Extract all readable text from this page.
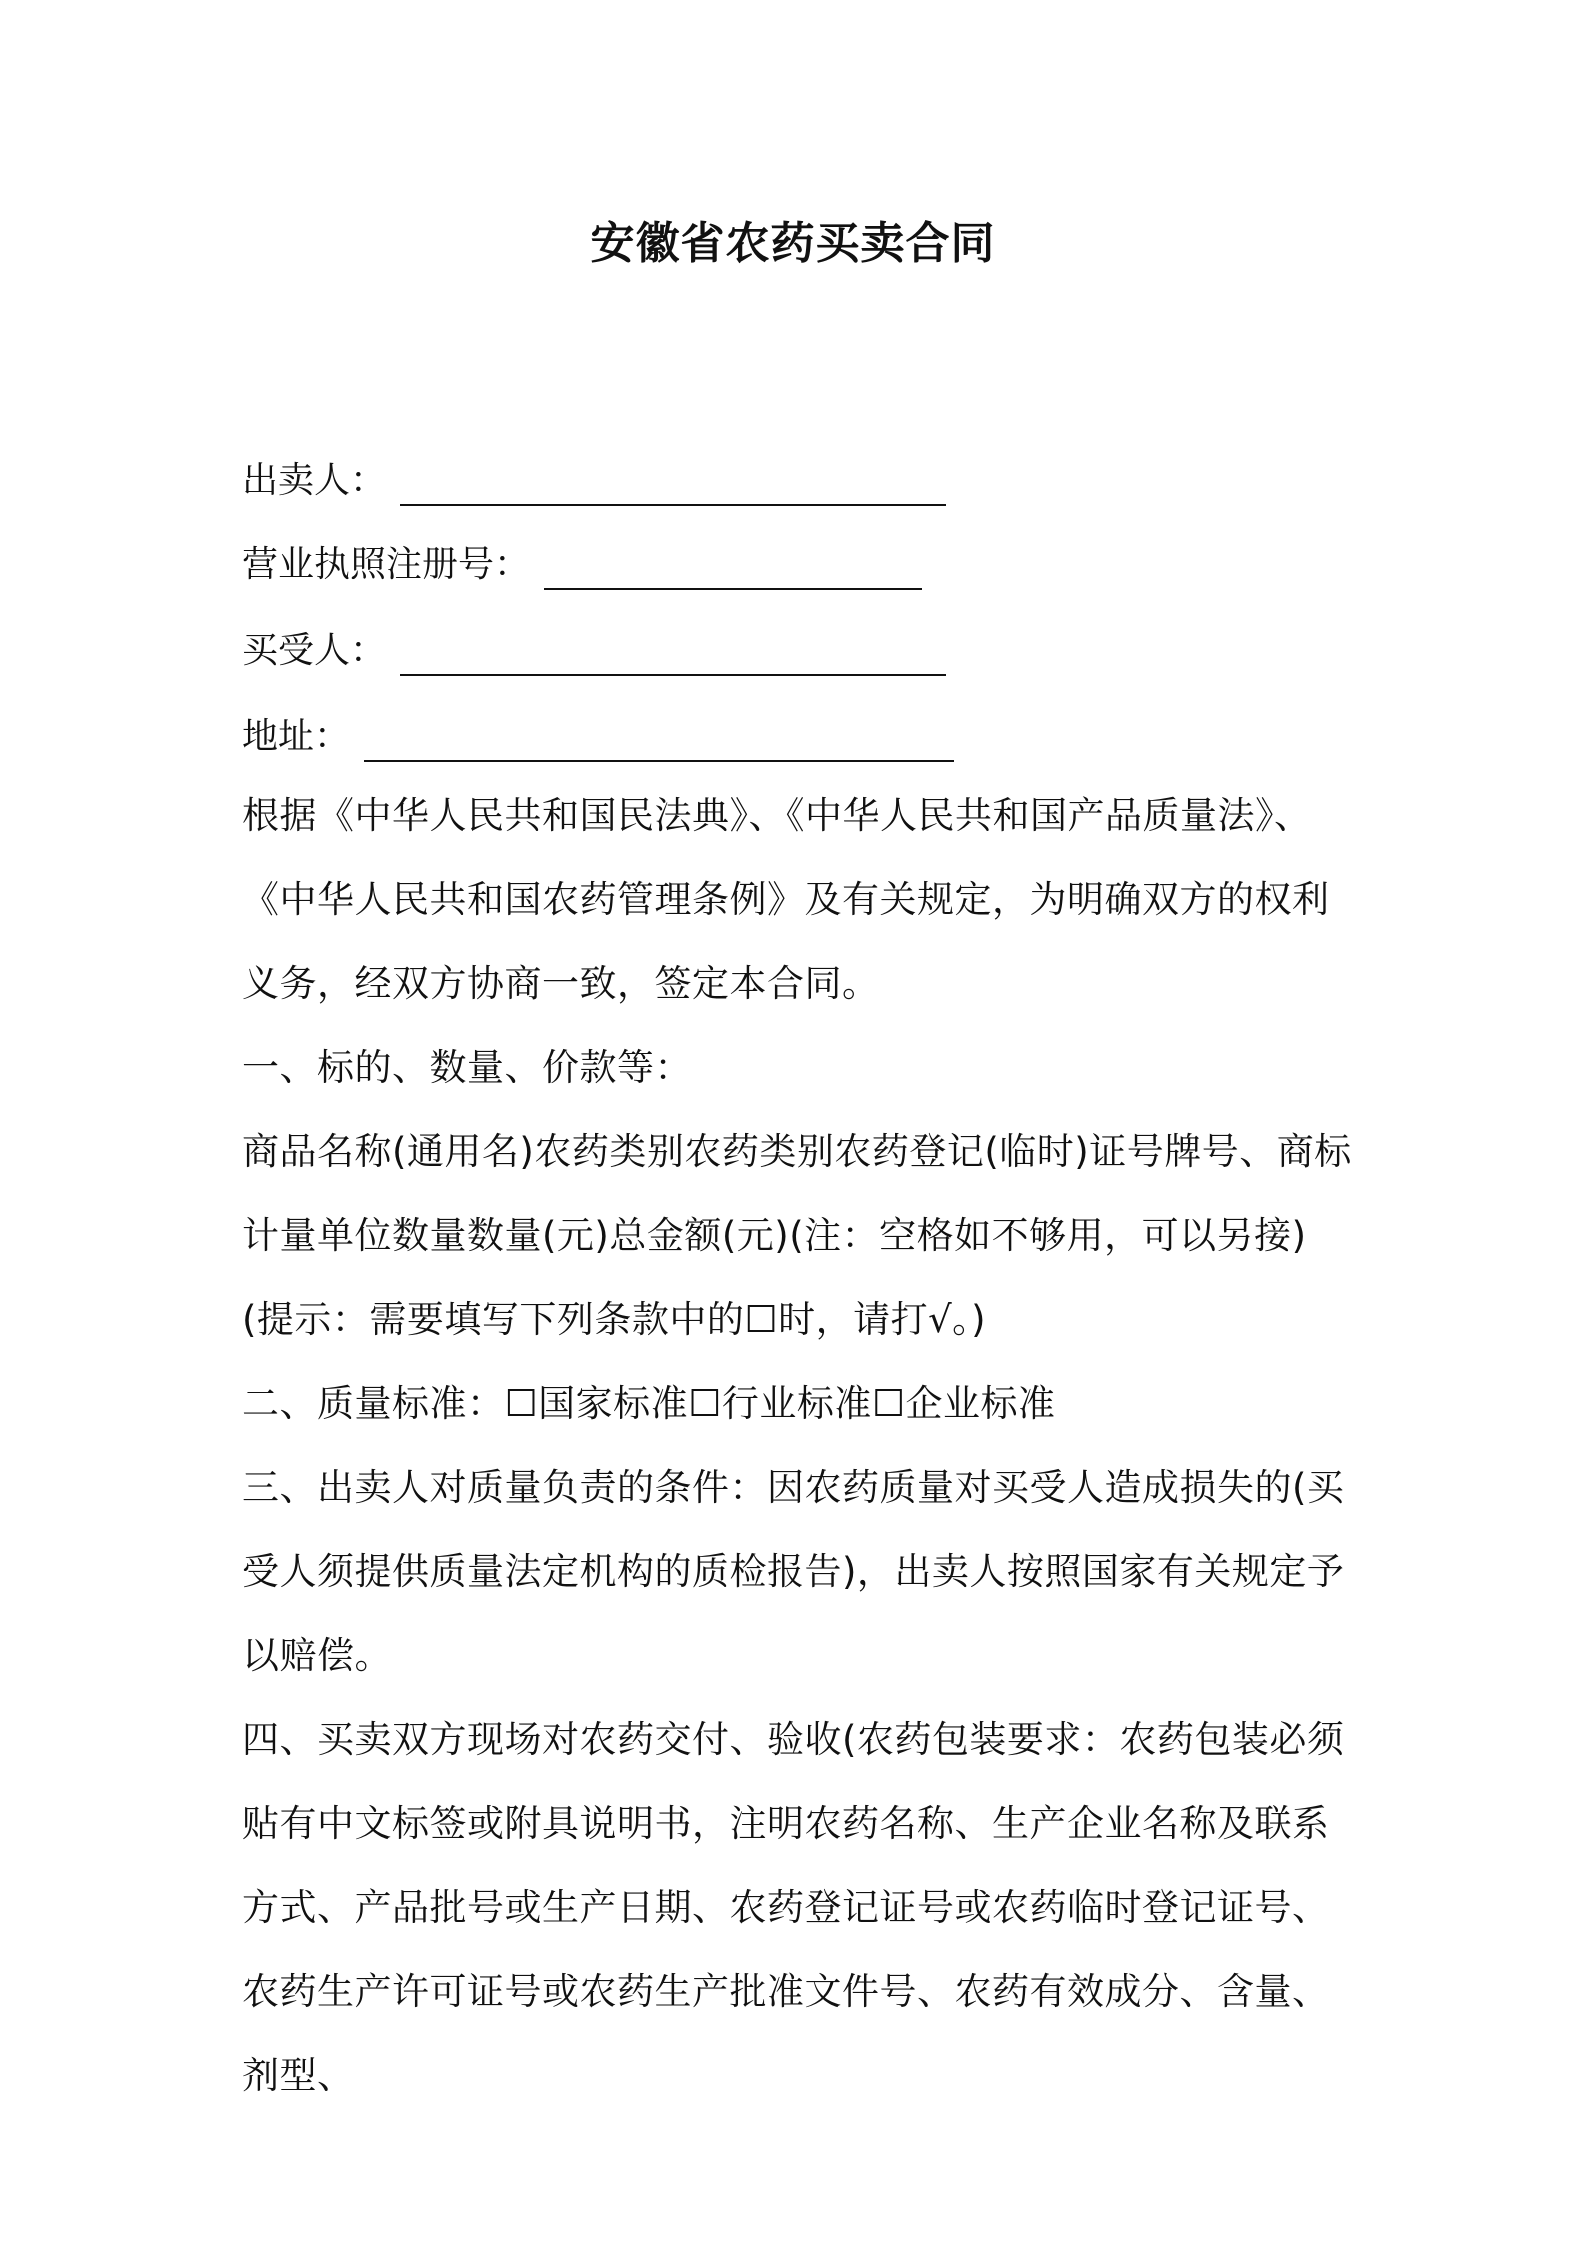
安徽省农药买卖合同
出卖人：
营业执照注册号：
买受人：
地址：

根据《中华人民共和国民法典》、《中华人民共和国产品质量法》、《中华人民共和国农药管理条例》及有关规定，为明确双方的权利义务，经双方协商一致，签定本合同。

一、标的、数量、价款等：

商品名称(通用名)农药类别农药类别农药登记(临时)证号牌号、商标计量单位数量数量(元)总金额(元)(注：空格如不够用，可以另接)

(提示：需要填写下列条款中的☐时，请打√。)

二、质量标准：☐国家标准☐行业标准☐企业标准

三、出卖人对质量负责的条件：因农药质量对买受人造成损失的(买受人须提供质量法定机构的质检报告)，出卖人按照国家有关规定予以赔偿。

四、买卖双方现场对农药交付、验收(农药包装要求：农药包装必须贴有中文标签或附具说明书，注明农药名称、生产企业名称及联系方式、产品批号或生产日期、农药登记证号或农药临时登记证号、农药生产许可证号或农药生产批准文件号、农药有效成分、含量、剂型、
